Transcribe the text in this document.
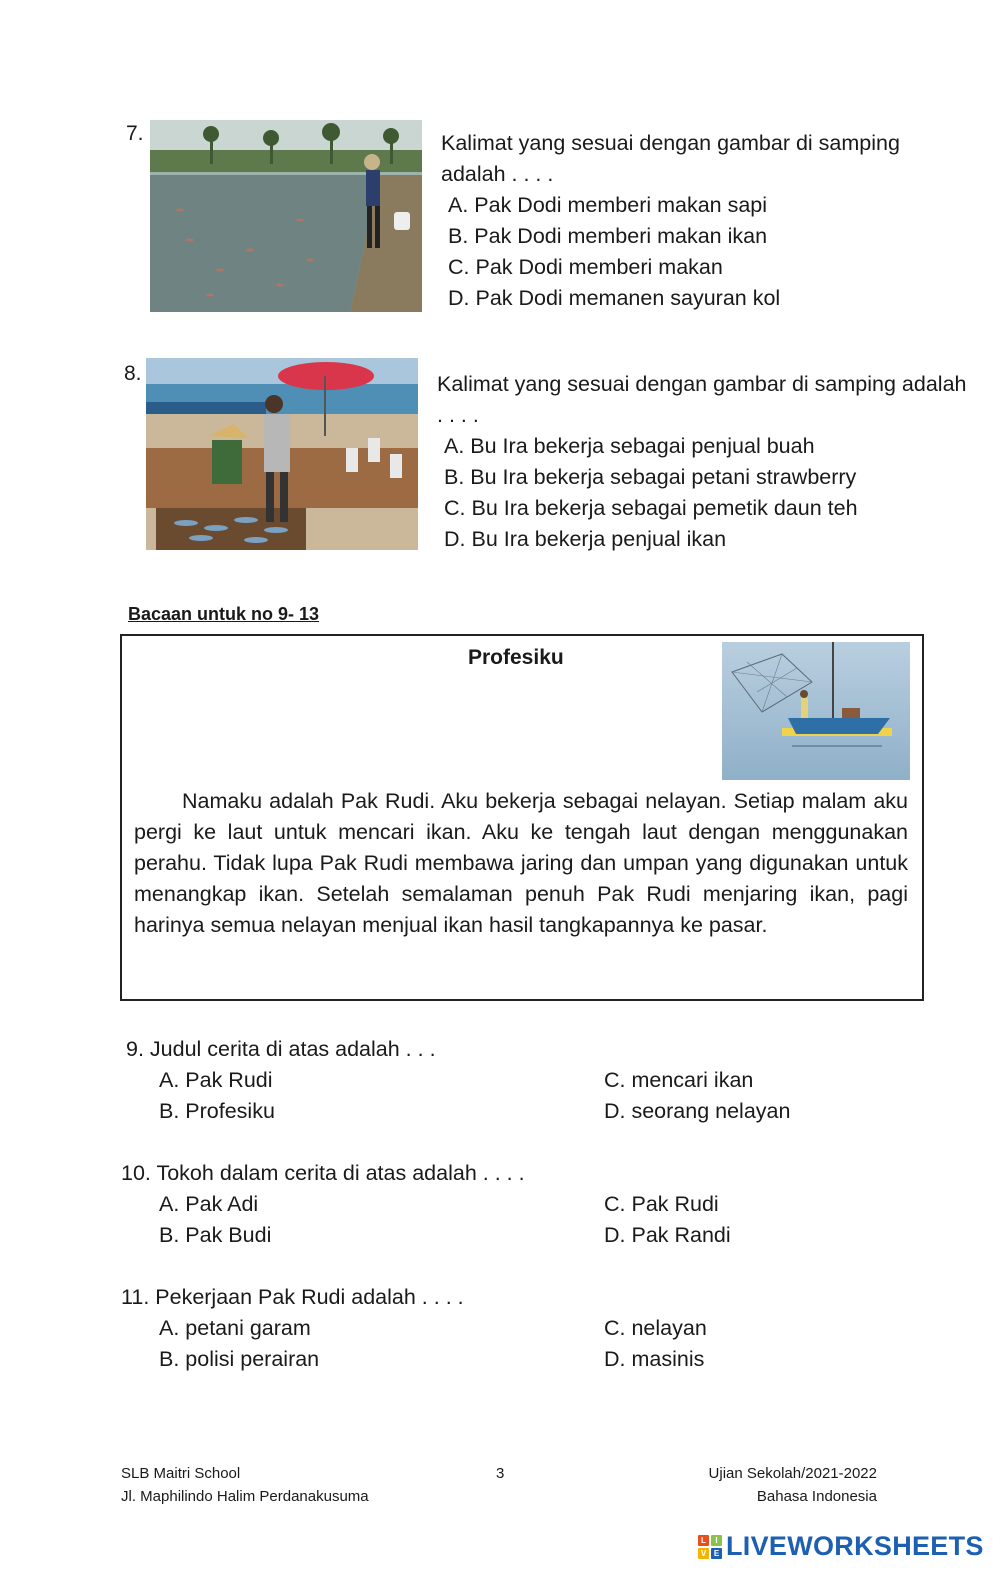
7.	Kalimat yang sesuai dengan gambar di samping adalah . . . .
A. Pak Dodi memberi makan sapi
B. Pak Dodi memberi makan ikan
C. Pak Dodi memberi makan
D. Pak Dodi memanen sayuran kol
8.	Kalimat yang sesuai dengan gambar di samping adalah . . . .
A. Bu Ira bekerja sebagai penjual buah
B. Bu Ira bekerja sebagai petani strawberry
C. Bu Ira bekerja sebagai pemetik daun teh
D. Bu Ira bekerja penjual ikan
Bacaan untuk no 9- 13
Profesiku
Namaku adalah Pak Rudi. Aku bekerja sebagai nelayan. Setiap malam aku pergi ke laut untuk mencari ikan. Aku ke tengah laut dengan menggunakan perahu. Tidak lupa Pak Rudi membawa jaring dan umpan yang digunakan untuk menangkap ikan. Setelah semalaman penuh Pak Rudi menjaring ikan, pagi harinya semua nelayan menjual ikan hasil tangkapannya ke pasar.
9. Judul cerita di atas adalah . . .
A. Pak Rudi
B. Profesiku
C. mencari ikan
D. seorang nelayan
10. Tokoh dalam cerita di atas adalah . . . .
A. Pak Adi
B. Pak Budi
C. Pak Rudi
D. Pak Randi
11. Pekerjaan Pak Rudi adalah . . . .
A. petani garam
B. polisi perairan
C. nelayan
D. masinis
SLB Maitri School
Jl. Maphilindo Halim Perdanakusuma
3	Ujian Sekolah/2021-2022
Bahasa Indonesia
L	I
V E LIVEWORKSHEETS
